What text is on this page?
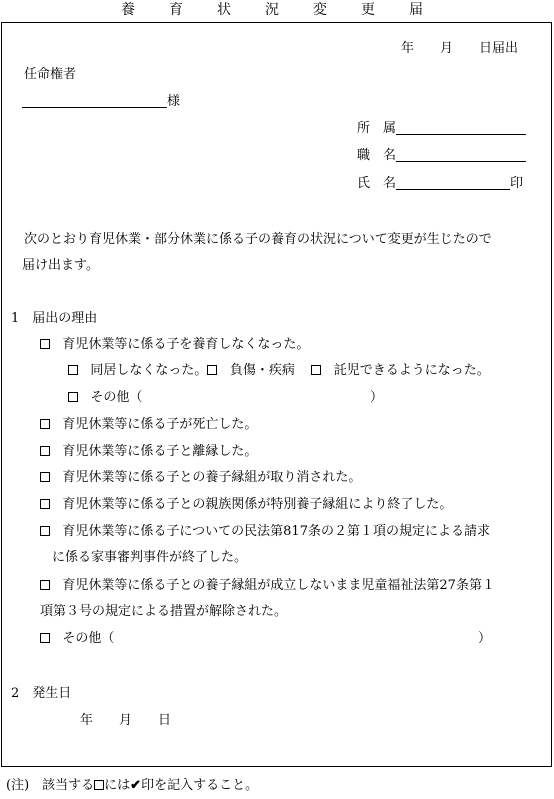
養　育　状　況　変　更　届
年　　月　　日届出
任命権者
様
所　属
職　名
氏　名	印
次のとおり育児休業・部分休業に係る子の養育の状況について変更が生じたので
届け出ます。
1　届出の理由
育児休業等に係る子を養育しなくなった。
同居しなくなった。 負傷・疾病	託児できるようになった。
その他（	）
育児休業等に係る子が死亡した。
育児休業等に係る子と離縁した。
育児休業等に係る子との養子縁組が取り消された。
育児休業等に係る子との親族関係が特別養子縁組により終了した。
育児休業等に係る子についての民法第817条の２第１項の規定による請求
に係る家事審判事件が終了した。
育児休業等に係る子との養子縁組が成立しないまま児童福祉法第27条第１
項第３号の規定による措置が解除された。
その他（	）
2　発生日
年　　月　　日
(注)　該当する には✔印を記入すること。
